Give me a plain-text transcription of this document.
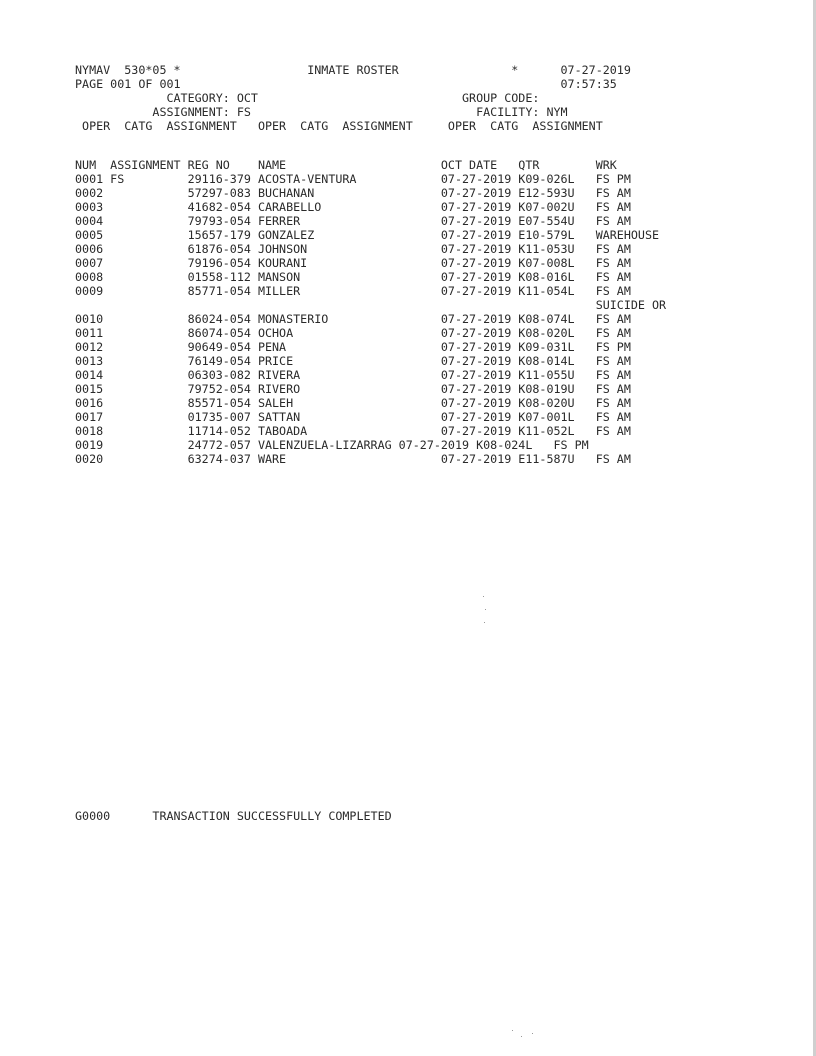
NYMAV  530*05 *                  INMATE ROSTER                *      07-27-2019
PAGE 001 OF 001                                                      07:57:35
CATEGORY: OCT                             GROUP CODE:
ASSIGNMENT: FS                                FACILITY: NYM
OPER  CATG  ASSIGNMENT   OPER  CATG  ASSIGNMENT     OPER  CATG  ASSIGNMENT
NUM  ASSIGNMENT REG NO    NAME                      OCT DATE   QTR        WRK
0001 FS         29116-379 ACOSTA-VENTURA            07-27-2019 K09-026L   FS PM
0002            57297-083 BUCHANAN                  07-27-2019 E12-593U   FS AM
0003            41682-054 CARABELLO                 07-27-2019 K07-002U   FS AM
0004            79793-054 FERRER                    07-27-2019 E07-554U   FS AM
0005            15657-179 GONZALEZ                  07-27-2019 E10-579L   WAREHOUSE
0006            61876-054 JOHNSON                   07-27-2019 K11-053U   FS AM
0007            79196-054 KOURANI                   07-27-2019 K07-008L   FS AM
0008            01558-112 MANSON                    07-27-2019 K08-016L   FS AM
0009            85771-054 MILLER                    07-27-2019 K11-054L   FS AM
SUICIDE OR
0010            86024-054 MONASTERIO                07-27-2019 K08-074L   FS AM
0011            86074-054 OCHOA                     07-27-2019 K08-020L   FS AM
0012            90649-054 PENA                      07-27-2019 K09-031L   FS PM
0013            76149-054 PRICE                     07-27-2019 K08-014L   FS AM
0014            06303-082 RIVERA                    07-27-2019 K11-055U   FS AM
0015            79752-054 RIVERO                    07-27-2019 K08-019U   FS AM
0016            85571-054 SALEH                     07-27-2019 K08-020U   FS AM
0017            01735-007 SATTAN                    07-27-2019 K07-001L   FS AM
0018            11714-052 TABOADA                   07-27-2019 K11-052L   FS AM
0019            24772-057 VALENZUELA-LIZARRAG 07-27-2019 K08-024L   FS PM
0020            63274-037 WARE                      07-27-2019 E11-587U   FS AM
G0000      TRANSACTION SUCCESSFULLY COMPLETED
